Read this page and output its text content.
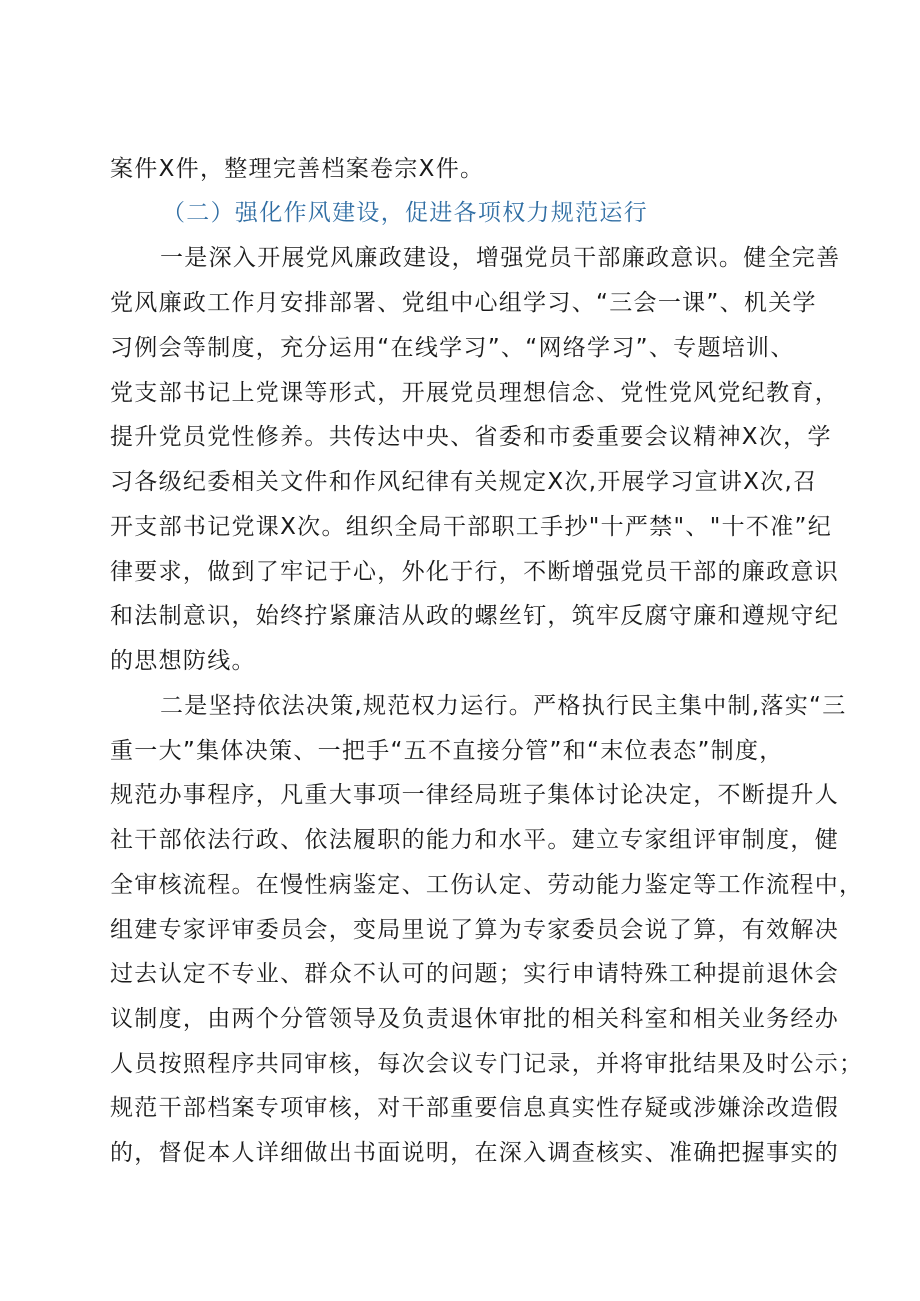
案件X件，整理完善档案卷宗X件。
（二）强化作风建设，促进各项权力规范运行
一是深入开展党风廉政建设，增强党员干部廉政意识。健全完善
党风廉政工作月安排部署、党组中心组学习、“三会一课”、机关学
习例会等制度，充分运用“在线学习”、“网络学习”、专题培训、
党支部书记上党课等形式，开展党员理想信念、党性党风党纪教育，
提升党员党性修养。共传达中央、省委和市委重要会议精神X次，学
习各级纪委相关文件和作风纪律有关规定X次,开展学习宣讲X次,召
开支部书记党课X次。组织全局干部职工手抄"十严禁"、"十不准”纪
律要求，做到了牢记于心，外化于行，不断增强党员干部的廉政意识
和法制意识，始终拧紧廉洁从政的螺丝钉，筑牢反腐守廉和遵规守纪
的思想防线。
二是坚持依法决策,规范权力运行。严格执行民主集中制,落实“三
重一大”集体决策、一把手“五不直接分管”和“末位表态”制度，
规范办事程序，凡重大事项一律经局班子集体讨论决定，不断提升人
社干部依法行政、依法履职的能力和水平。建立专家组评审制度，健
全审核流程。在慢性病鉴定、工伤认定、劳动能力鉴定等工作流程中，
组建专家评审委员会，变局里说了算为专家委员会说了算，有效解决
过去认定不专业、群众不认可的问题；实行申请特殊工种提前退休会
议制度，由两个分管领导及负责退休审批的相关科室和相关业务经办
人员按照程序共同审核，每次会议专门记录，并将审批结果及时公示；
规范干部档案专项审核，对干部重要信息真实性存疑或涉嫌涂改造假
的，督促本人详细做出书面说明，在深入调查核实、准确把握事实的
